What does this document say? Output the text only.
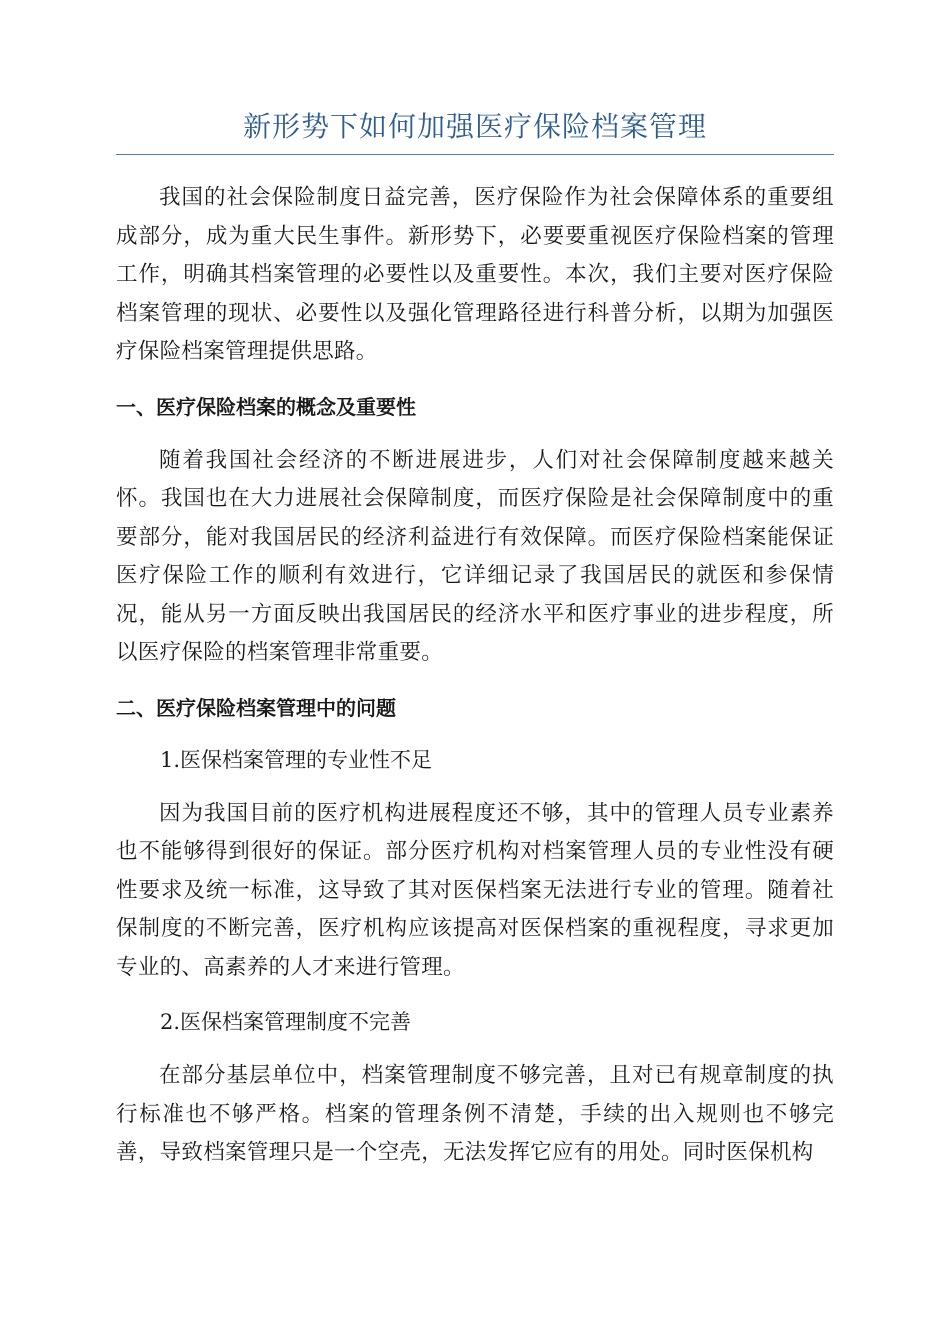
新形势下如何加强医疗保险档案管理

我国的社会保险制度日益完善，医疗保险作为社会保障体系的重要组成部分，成为重大民生事件。新形势下，必要要重视医疗保险档案的管理工作，明确其档案管理的必要性以及重要性。本次，我们主要对医疗保险档案管理的现状、必要性以及强化管理路径进行科普分析，以期为加强医疗保险档案管理提供思路。

一、医疗保险档案的概念及重要性

随着我国社会经济的不断进展进步，人们对社会保障制度越来越关怀。我国也在大力进展社会保障制度，而医疗保险是社会保障制度中的重要部分，能对我国居民的经济利益进行有效保障。而医疗保险档案能保证医疗保险工作的顺利有效进行，它详细记录了我国居民的就医和参保情况，能从另一方面反映出我国居民的经济水平和医疗事业的进步程度，所以医疗保险的档案管理非常重要。

二、医疗保险档案管理中的问题

1.医保档案管理的专业性不足

因为我国目前的医疗机构进展程度还不够，其中的管理人员专业素养也不能够得到很好的保证。部分医疗机构对档案管理人员的专业性没有硬性要求及统一标准，这导致了其对医保档案无法进行专业的管理。随着社保制度的不断完善，医疗机构应该提高对医保档案的重视程度，寻求更加专业的、高素养的人才来进行管理。

2.医保档案管理制度不完善

在部分基层单位中，档案管理制度不够完善，且对已有规章制度的执行标准也不够严格。档案的管理条例不清楚，手续的出入规则也不够完善，导致档案管理只是一个空壳，无法发挥它应有的用处。同时医保机构
